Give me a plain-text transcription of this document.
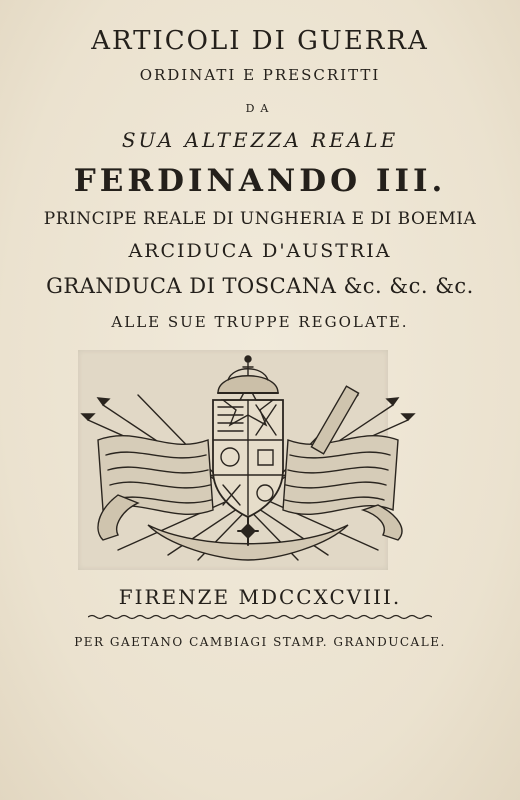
ARTICOLI DI GUERRA
ORDINATI E PRESCRITTI
DA
SUA ALTEZZA REALE
FERDINANDO III.
PRINCIPE REALE DI UNGHERIA E DI BOEMIA
ARCIDUCA D'AUSTRIA
GRANDUCA DI TOSCANA &c. &c. &c.
ALLE SUE TRUPPE REGOLATE.
FIRENZE MDCCXCVIII.
PER GAETANO CAMBIAGI STAMP. GRANDUCALE.
